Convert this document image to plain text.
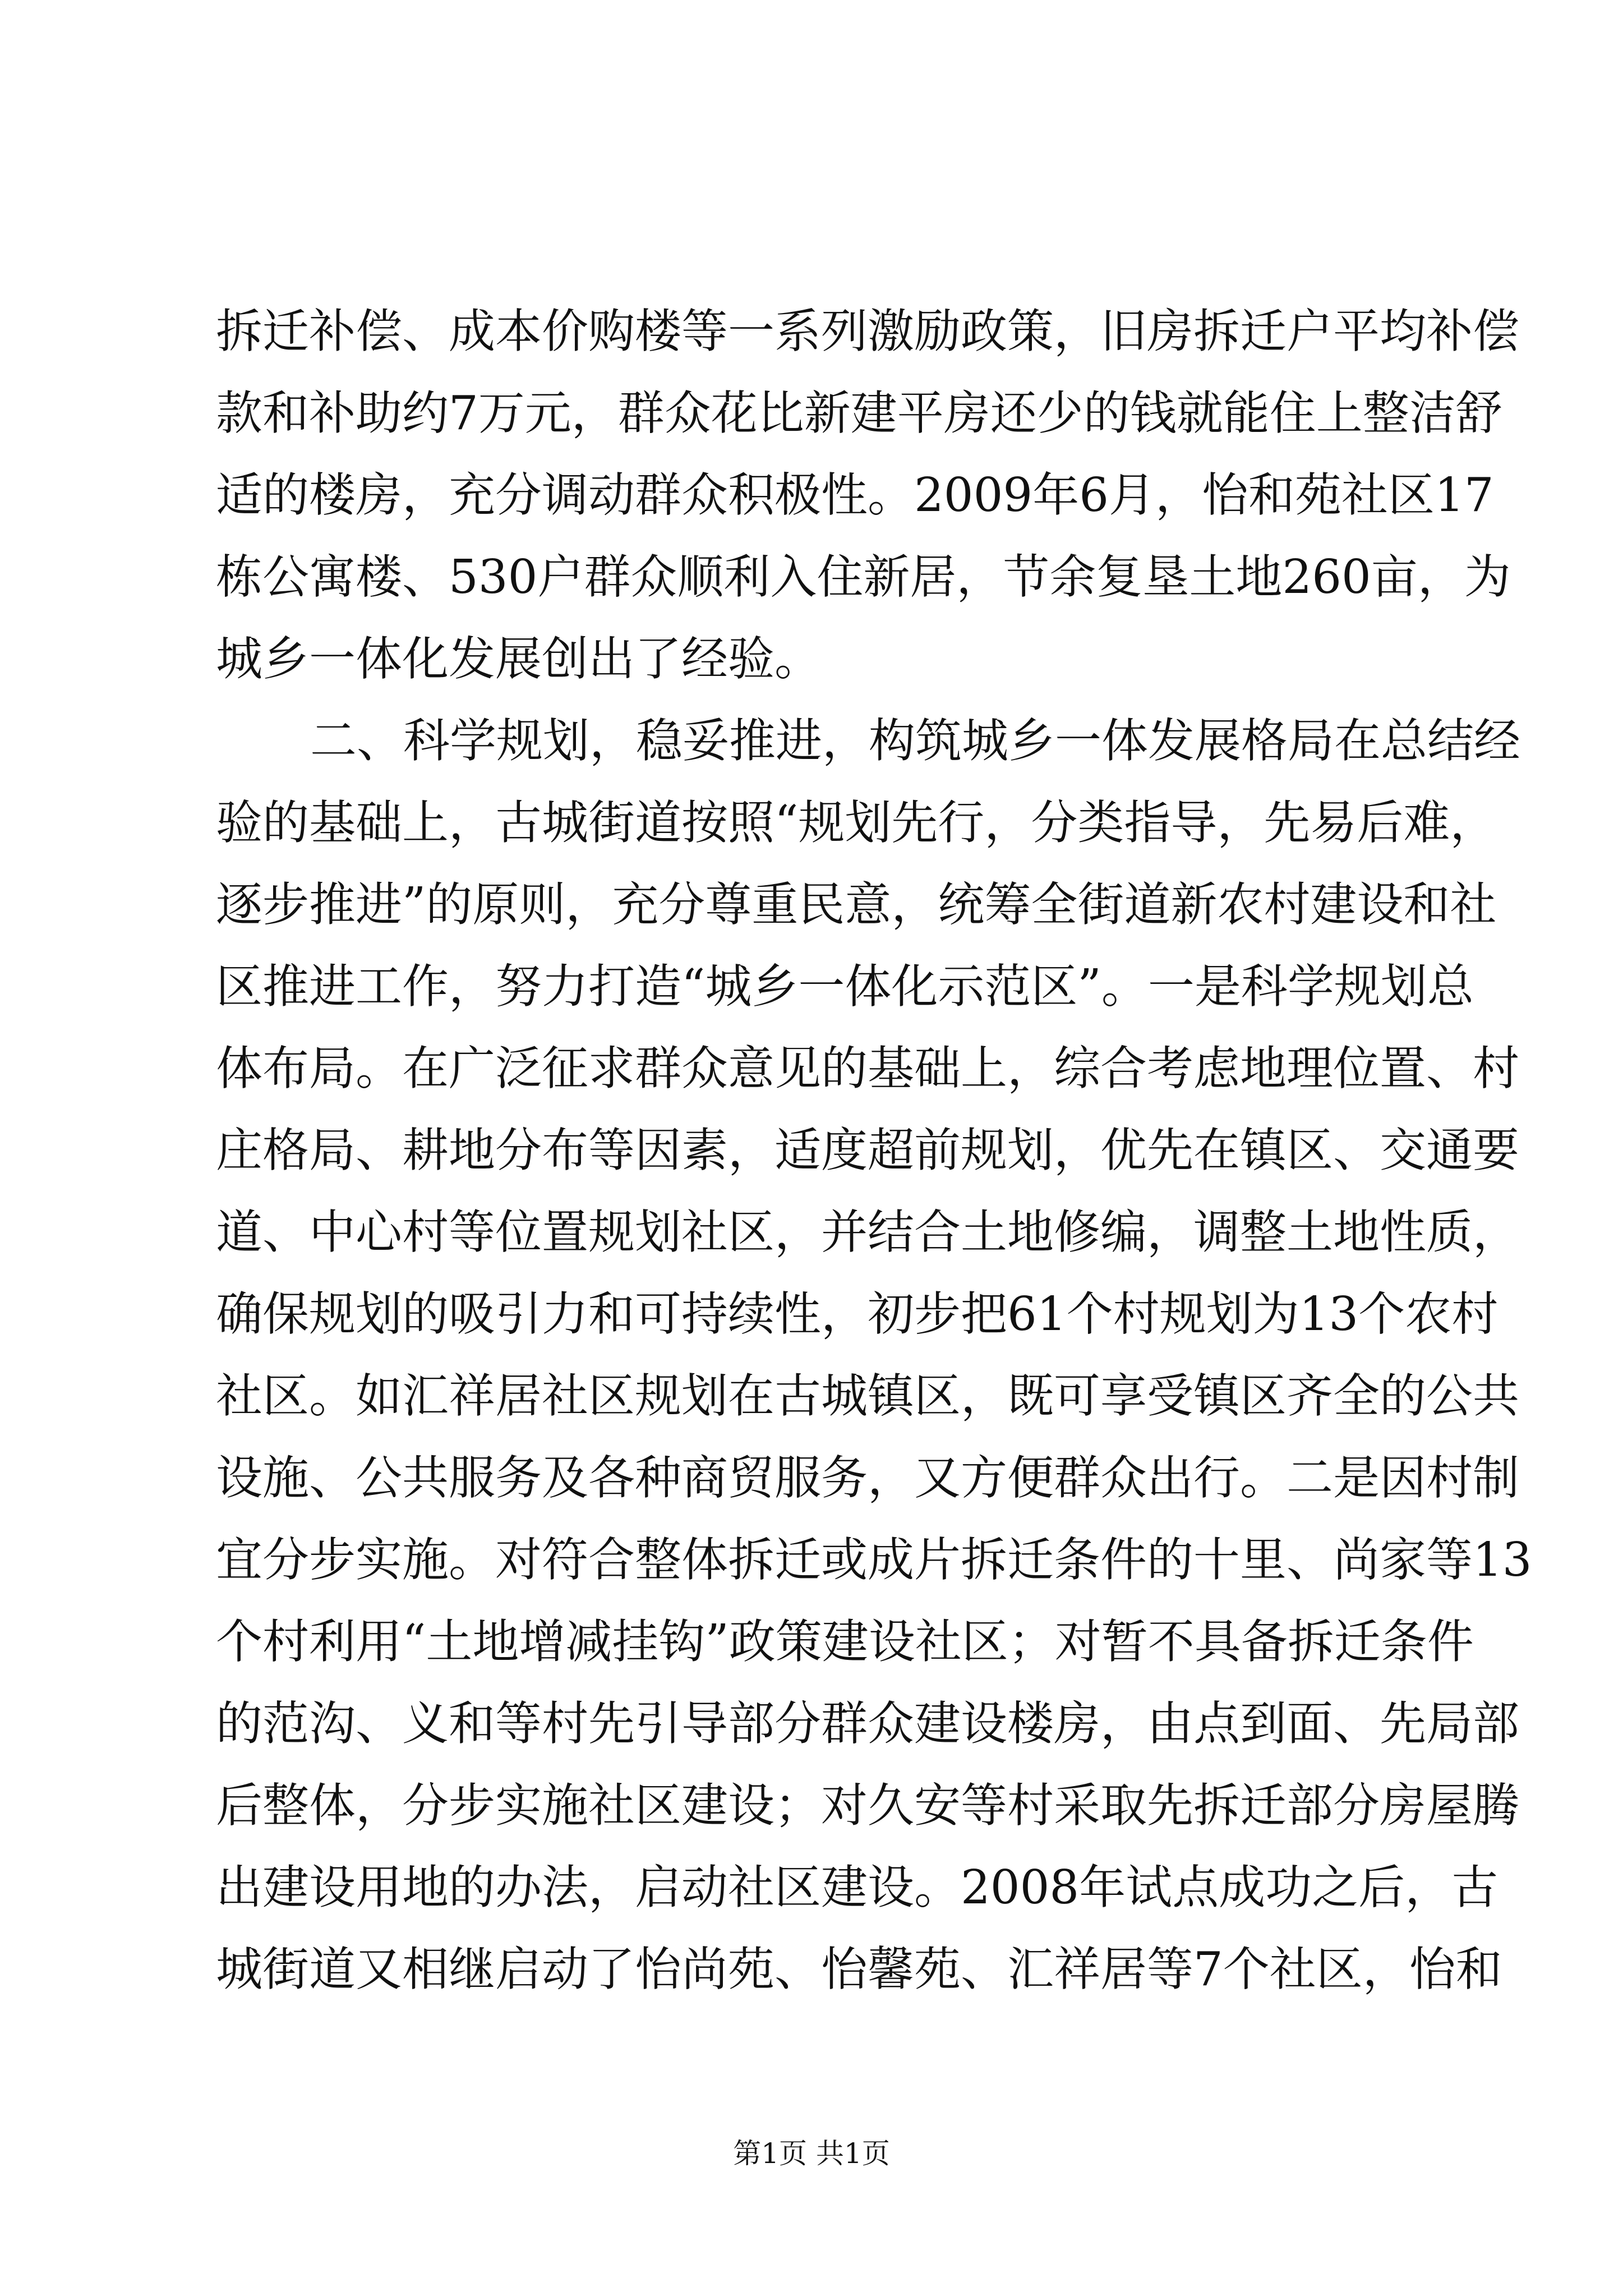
拆迁补偿、成本价购楼等一系列激励政策，旧房拆迁户平均补偿
款和补助约7万元，群众花比新建平房还少的钱就能住上整洁舒
适的楼房，充分调动群众积极性。2009年6月，怡和苑社区17
栋公寓楼、530户群众顺利入住新居，节余复垦土地260亩，为
城乡一体化发展创出了经验。
二、科学规划，稳妥推进，构筑城乡一体发展格局在总结经
验的基础上，古城街道按照“规划先行，分类指导，先易后难，
逐步推进”的原则，充分尊重民意，统筹全街道新农村建设和社
区推进工作，努力打造“城乡一体化示范区”。一是科学规划总
体布局。在广泛征求群众意见的基础上，综合考虑地理位置、村
庄格局、耕地分布等因素，适度超前规划，优先在镇区、交通要
道、中心村等位置规划社区，并结合土地修编，调整土地性质，
确保规划的吸引力和可持续性，初步把61个村规划为13个农村
社区。如汇祥居社区规划在古城镇区，既可享受镇区齐全的公共
设施、公共服务及各种商贸服务，又方便群众出行。二是因村制
宜分步实施。对符合整体拆迁或成片拆迁条件的十里、尚家等13
个村利用“土地增减挂钩”政策建设社区；对暂不具备拆迁条件
的范沟、义和等村先引导部分群众建设楼房，由点到面、先局部
后整体，分步实施社区建设；对久安等村采取先拆迁部分房屋腾
出建设用地的办法，启动社区建设。2008年试点成功之后，古
城街道又相继启动了怡尚苑、怡馨苑、汇祥居等7个社区，怡和
第1页 共1页
